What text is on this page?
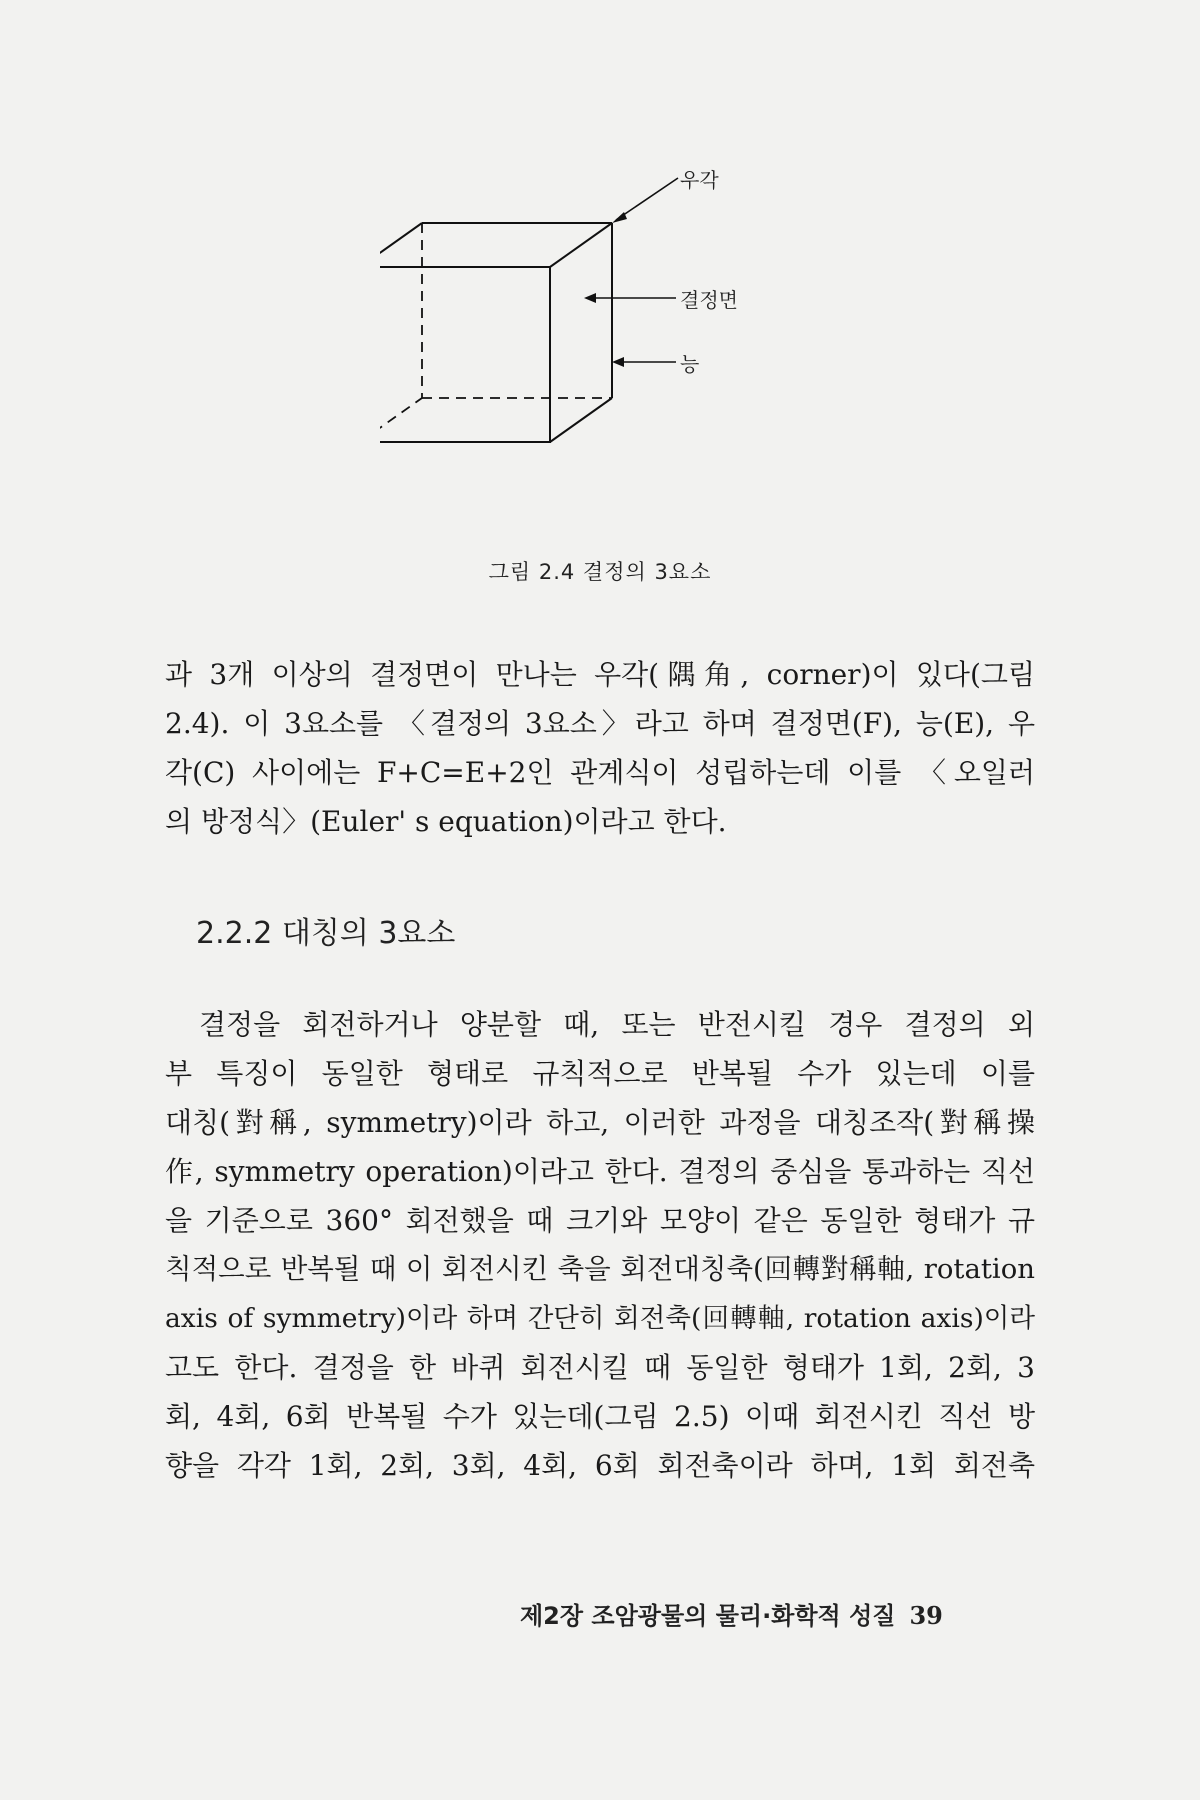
우각
결정면
능
그림 2.4 결정의 3요소

과 3개 이상의 결정면이 만나는 우각(隅角, corner)이 있다(그림
2.4). 이 3요소를 〈결정의 3요소〉라고 하며 결정면(F), 능(E), 우
각(C) 사이에는 F+C=E+2인 관계식이 성립하는데 이를 〈오일러
의 방정식〉(Euler' s equation)이라고 한다.

2.2.2 대칭의 3요소

결정을 회전하거나 양분할 때, 또는 반전시킬 경우 결정의 외
부 특징이 동일한 형태로 규칙적으로 반복될 수가 있는데 이를
대칭(對稱, symmetry)이라 하고, 이러한 과정을 대칭조작(對稱操
作, symmetry operation)이라고 한다. 결정의 중심을 통과하는 직선
을 기준으로 360° 회전했을 때 크기와 모양이 같은 동일한 형태가 규
칙적으로 반복될 때 이 회전시킨 축을 회전대칭축(回轉對稱軸, rotation
axis of symmetry)이라 하며 간단히 회전축(回轉軸, rotation axis)이라
고도 한다. 결정을 한 바퀴 회전시킬 때 동일한 형태가 1회, 2회, 3
회, 4회, 6회 반복될 수가 있는데(그림 2.5) 이때 회전시킨 직선 방
향을 각각 1회, 2회, 3회, 4회, 6회 회전축이라 하며, 1회 회전축

제2장 조암광물의 물리·화학적 성질 39
